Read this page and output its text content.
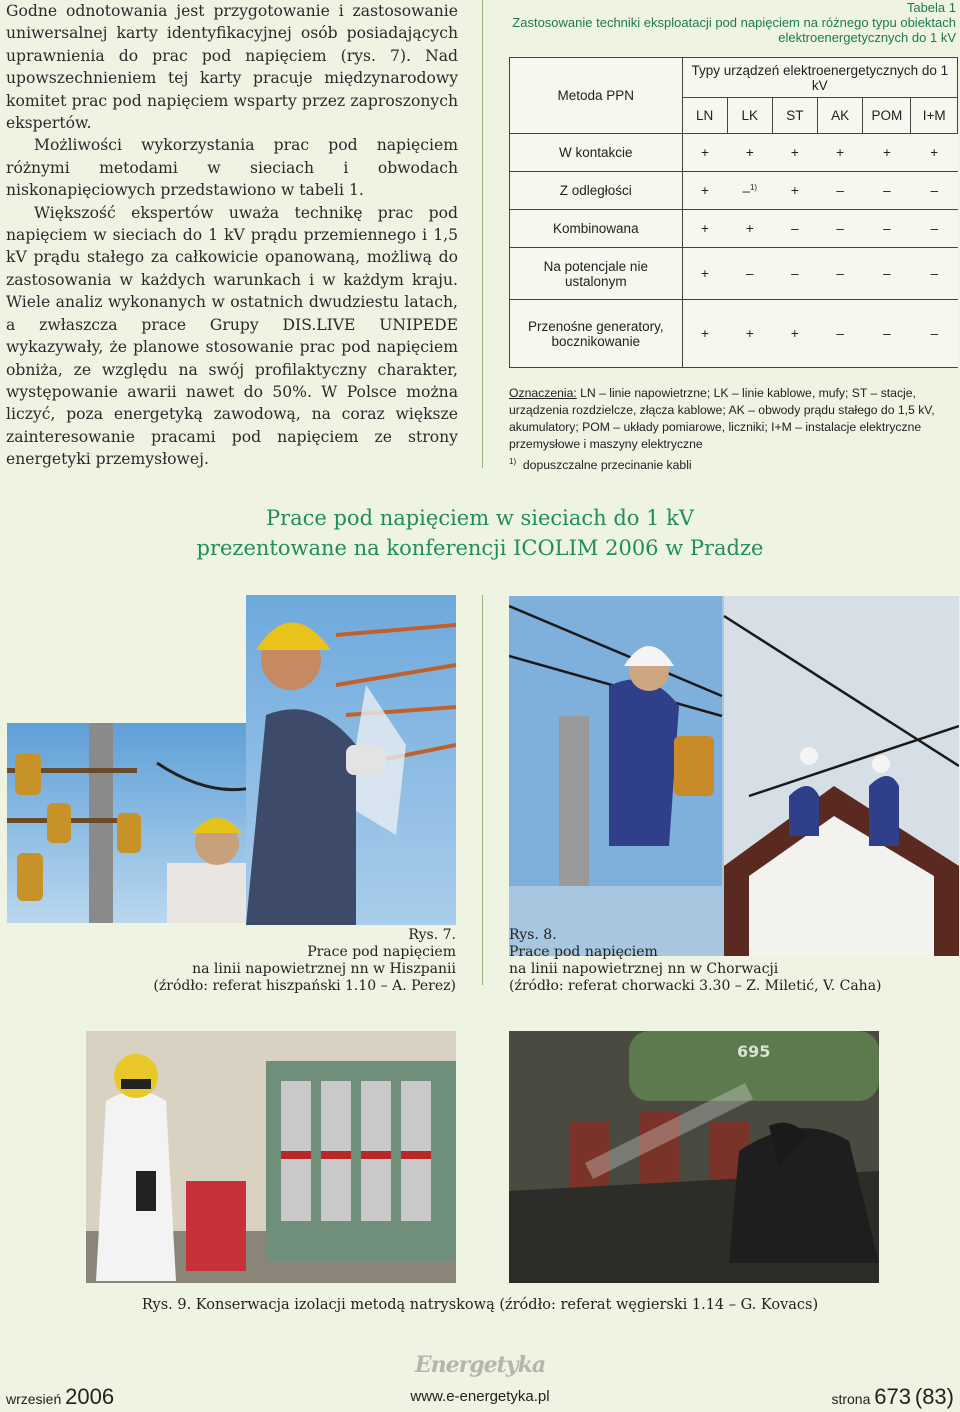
Godne odnotowania jest przygotowanie i zastosowanie uniwersalnej karty identyfikacyjnej osób posiadających uprawnienia do prac pod napięciem (rys. 7). Nad upowszechnieniem tej karty pracuje międzynarodowy komitet prac pod napięciem wsparty przez zaproszonych ekspertów.

Możliwości wykorzystania prac pod napięciem różnymi metodami w sieciach i obwodach niskonapięciowych przedstawiono w tabeli 1.

Większość ekspertów uważa technikę prac pod napięciem w sieciach do 1 kV prądu przemiennego i 1,5 kV prądu stałego za całkowicie opanowaną, możliwą do zastosowania w każdych warunkach i w każdym kraju. Wiele analiz wykonanych w ostatnich dwudziestu latach, a zwłaszcza prace Grupy DIS.LIVE UNIPEDE wykazywały, że planowe stosowanie prac pod napięciem obniża, ze względu na swój profilaktyczny charakter, występowanie awarii nawet do 50%. W Polsce można liczyć, poza energetyką zawodową, na coraz większe zainteresowanie pracami pod napięciem ze strony energetyki przemysłowej.

Tabela 1
Zastosowanie techniki eksploatacji pod napięciem na różnego typu obiektach elektroenergetycznych do 1 kV
Metoda PPN	Typy urządzeń elektroenergetycznych do 1 kV					
	LN	LK	ST	AK	POM	I+M
W kontakcie	+	+	+	+	+	+
Z odległości	+	–$^{1)}$	+	–	–	–
Kombinowana	+	+	–	–	–	–
Na potencjale nie ustalonym	+	–	–	–	–	–
Przenośne generatory, bocznikowanie	+	+	+	–	–	–
Oznaczenia: LN – linie napowietrzne; LK – linie kablowe, mufy; ST – stacje, urządzenia rozdzielcze, złącza kablowe; AK – obwody prądu stałego do 1,5 kV, akumulatory; POM – układy pomiarowe, liczniki; I+M – instalacje elektryczne przemysłowe i maszyny elektryczne
$^{1)}$ dopuszczalne przecinanie kabli
Prace pod napięciem w sieciach do 1 kV
prezentowane na konferencji ICOLIM 2006 w Pradze
Rys. 7.
Prace pod napięciem
na linii napowietrznej nn w Hiszpanii
(źródło: referat hiszpański 1.10 – A. Perez)
Rys. 8.
Prace pod napięciem
na linii napowietrznej nn w Chorwacji
(źródło: referat chorwacki 3.30 – Z. Miletić, V. Caha)
695
Rys. 9. Konserwacja izolacji metodą natryskową (źródło: referat węgierski 1.14 – G. Kovacs)
Energetyka
wrzesień 2006	www.e-energetyka.pl	strona 673 (83)
